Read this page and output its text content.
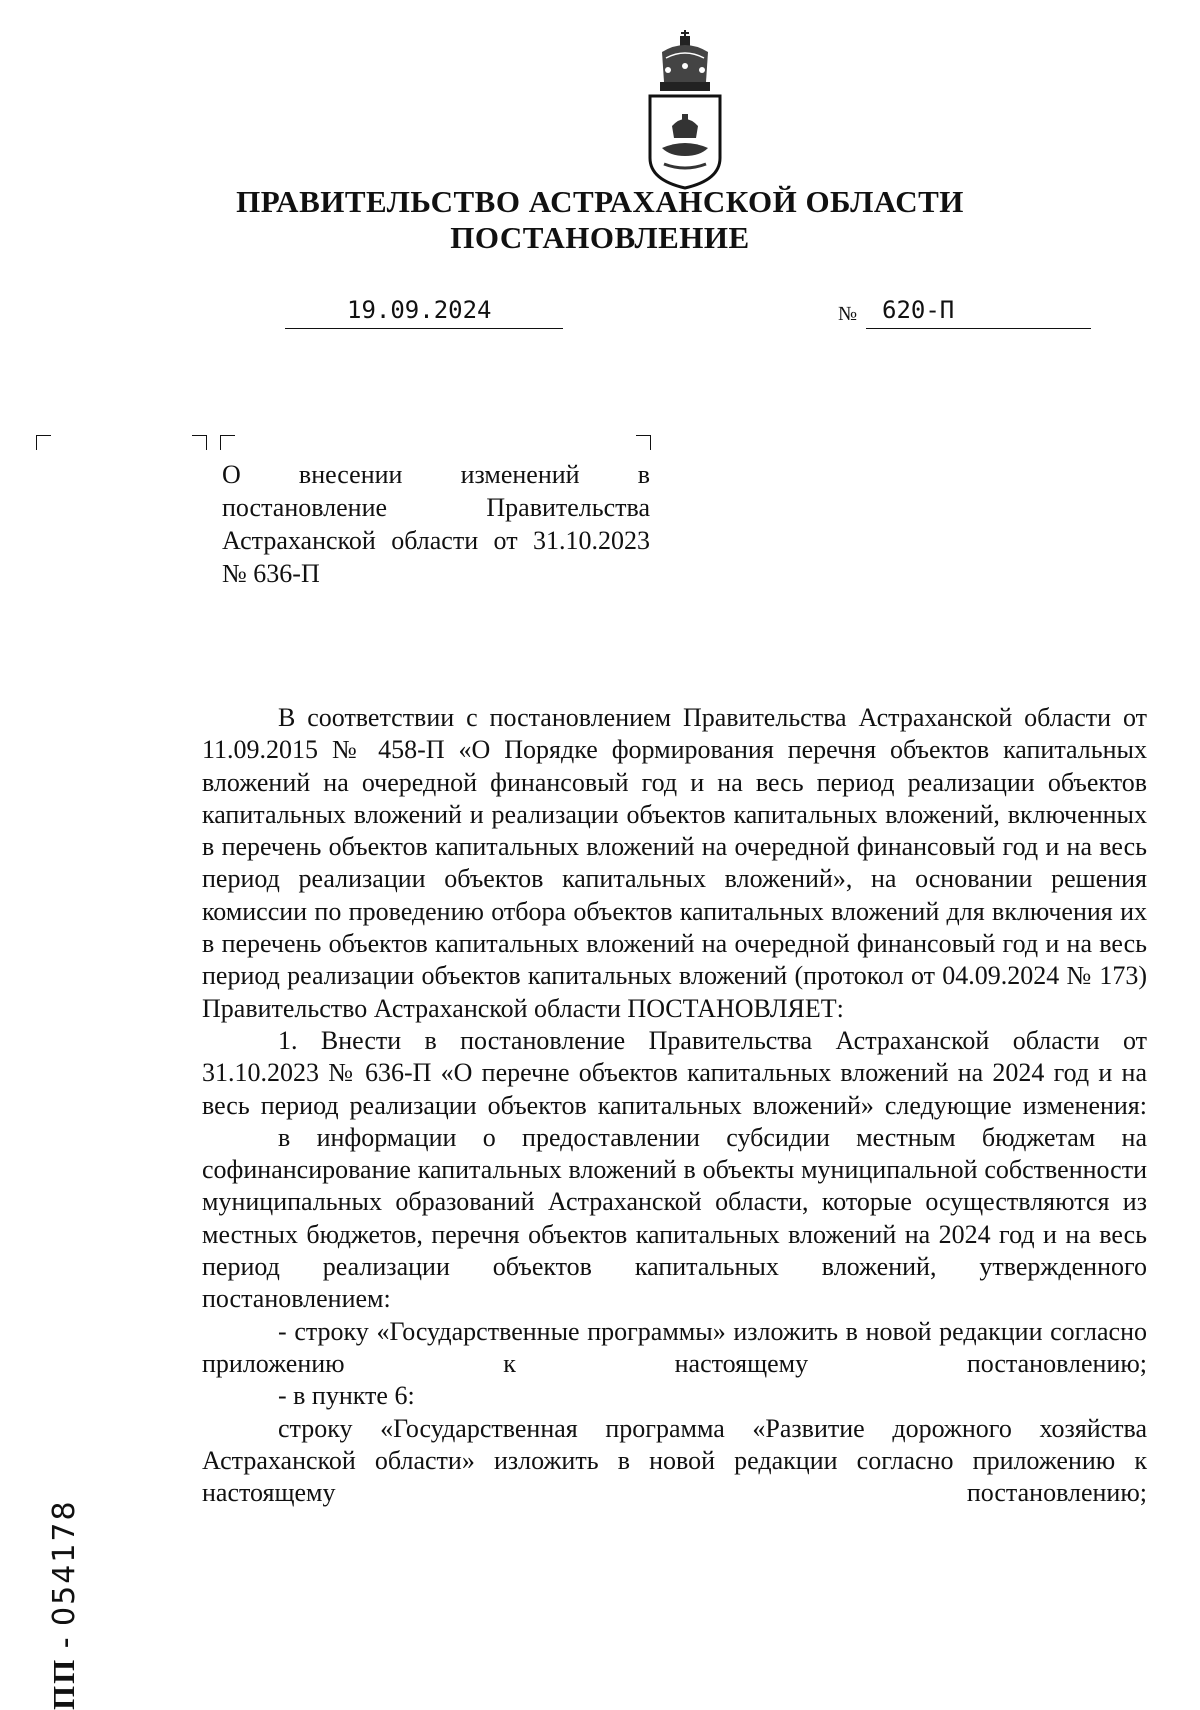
ПРАВИТЕЛЬСТВО АСТРАХАНСКОЙ ОБЛАСТИ
ПОСТАНОВЛЕНИЕ
19.09.2024	№ 620-П
О внесении изменений в постановление Правительства Астраханской области от 31.10.2023 № 636-П

В соответствии с постановлением Правительства Астраханской области от 11.09.2015 № 458-П «О Порядке формирования перечня объектов капитальных вложений на очередной финансовый год и на весь период реализации объектов капитальных вложений и реализации объектов капитальных вложений, включенных в перечень объектов капитальных вложений на очередной финансовый год и на весь период реализации объектов капитальных вложений», на основании решения комиссии по проведению отбора объектов капитальных вложений для включения их в перечень объектов капитальных вложений на очередной финансовый год и на весь период реализации объектов капитальных вложений (протокол от 04.09.2024 № 173)

Правительство Астраханской области ПОСТАНОВЛЯЕТ:

1. Внести в постановление Правительства Астраханской области от 31.10.2023 № 636-П «О перечне объектов капитальных вложений на 2024 год и на весь период реализации объектов капитальных вложений» следующие изменения:

в информации о предоставлении субсидии местным бюджетам на софинансирование капитальных вложений в объекты муниципальной собственности муниципальных образований Астраханской области, которые осуществляются из местных бюджетов, перечня объектов капитальных вложений на 2024 год и на весь период реализации объектов капитальных вложений, утвержденного постановлением:

- строку «Государственные программы» изложить в новой редакции согласно приложению к настоящему постановлению;

- в пункте 6:

строку «Государственная программа «Развитие дорожного хозяйства Астраханской области» изложить в новой редакции согласно приложению к настоящему постановлению;

ПП - 054178
